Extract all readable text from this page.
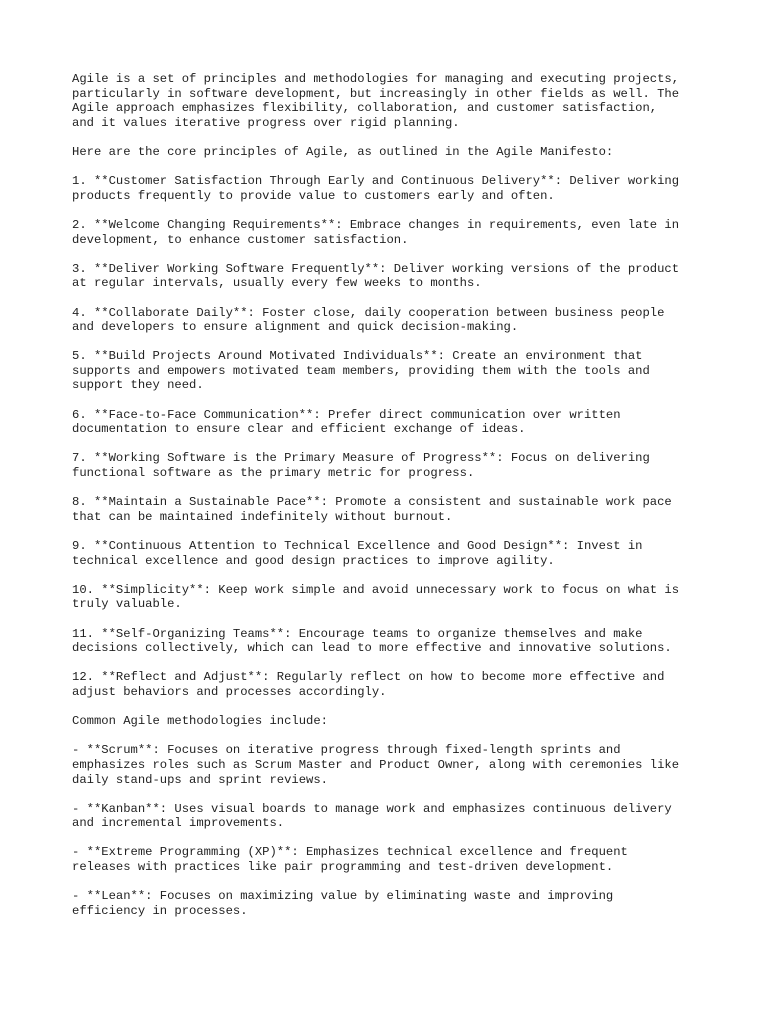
Agile is a set of principles and methodologies for managing and executing projects,
particularly in software development, but increasingly in other fields as well. The
Agile approach emphasizes flexibility, collaboration, and customer satisfaction,
and it values iterative progress over rigid planning.
Here are the core principles of Agile, as outlined in the Agile Manifesto:
1. **Customer Satisfaction Through Early and Continuous Delivery**: Deliver working
products frequently to provide value to customers early and often.
2. **Welcome Changing Requirements**: Embrace changes in requirements, even late in
development, to enhance customer satisfaction.
3. **Deliver Working Software Frequently**: Deliver working versions of the product
at regular intervals, usually every few weeks to months.
4. **Collaborate Daily**: Foster close, daily cooperation between business people
and developers to ensure alignment and quick decision-making.
5. **Build Projects Around Motivated Individuals**: Create an environment that
supports and empowers motivated team members, providing them with the tools and
support they need.
6. **Face-to-Face Communication**: Prefer direct communication over written
documentation to ensure clear and efficient exchange of ideas.
7. **Working Software is the Primary Measure of Progress**: Focus on delivering
functional software as the primary metric for progress.
8. **Maintain a Sustainable Pace**: Promote a consistent and sustainable work pace
that can be maintained indefinitely without burnout.
9. **Continuous Attention to Technical Excellence and Good Design**: Invest in
technical excellence and good design practices to improve agility.
10. **Simplicity**: Keep work simple and avoid unnecessary work to focus on what is
truly valuable.
11. **Self-Organizing Teams**: Encourage teams to organize themselves and make
decisions collectively, which can lead to more effective and innovative solutions.
12. **Reflect and Adjust**: Regularly reflect on how to become more effective and
adjust behaviors and processes accordingly.
Common Agile methodologies include:
- **Scrum**: Focuses on iterative progress through fixed-length sprints and
emphasizes roles such as Scrum Master and Product Owner, along with ceremonies like
daily stand-ups and sprint reviews.
- **Kanban**: Uses visual boards to manage work and emphasizes continuous delivery
and incremental improvements.
- **Extreme Programming (XP)**: Emphasizes technical excellence and frequent
releases with practices like pair programming and test-driven development.
- **Lean**: Focuses on maximizing value by eliminating waste and improving
efficiency in processes.
